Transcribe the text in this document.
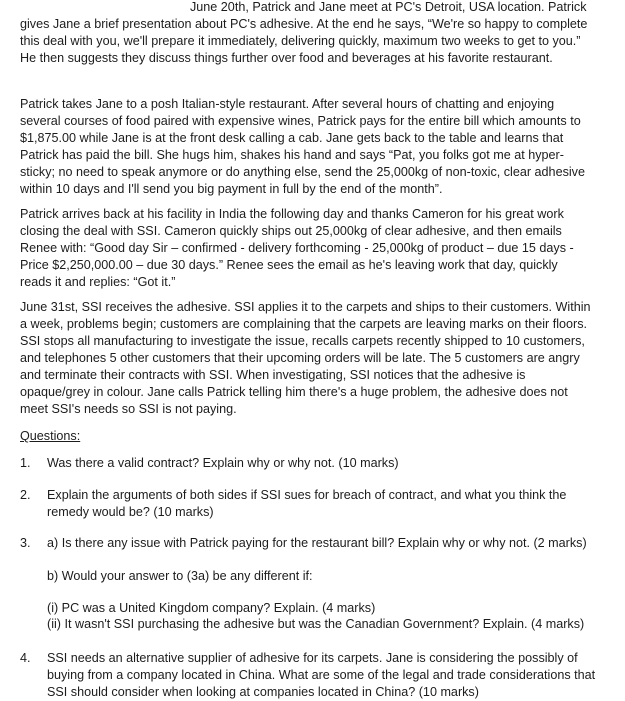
June 20th, Patrick and Jane meet at PC's Detroit, USA location. Patrick gives Jane a brief presentation about PC's adhesive. At the end he says, “We're so happy to complete this deal with you, we'll prepare it immediately, delivering quickly, maximum two weeks to get to you.” He then suggests they discuss things further over food and beverages at his favorite restaurant.

Patrick takes Jane to a posh Italian-style restaurant. After several hours of chatting and enjoying several courses of food paired with expensive wines, Patrick pays for the entire bill which amounts to $1,875.00 while Jane is at the front desk calling a cab. Jane gets back to the table and learns that Patrick has paid the bill. She hugs him, shakes his hand and says “Pat, you folks got me at hyper-sticky; no need to speak anymore or do anything else, send the 25,000kg of non-toxic, clear adhesive within 10 days and I'll send you big payment in full by the end of the month”.

Patrick arrives back at his facility in India the following day and thanks Cameron for his great work closing the deal with SSI. Cameron quickly ships out 25,000kg of clear adhesive, and then emails Renee with: “Good day Sir – confirmed - delivery forthcoming - 25,000kg of product – due 15 days - Price $2,250,000.00 – due 30 days.” Renee sees the email as he's leaving work that day, quickly reads it and replies: “Got it.”

June 31st, SSI receives the adhesive. SSI applies it to the carpets and ships to their customers. Within a week, problems begin; customers are complaining that the carpets are leaving marks on their floors. SSI stops all manufacturing to investigate the issue, recalls carpets recently shipped to 10 customers, and telephones 5 other customers that their upcoming orders will be late. The 5 customers are angry and terminate their contracts with SSI. When investigating, SSI notices that the adhesive is opaque/grey in colour. Jane calls Patrick telling him there's a huge problem, the adhesive does not meet SSI's needs so SSI is not paying.

Questions:

1. Was there a valid contract? Explain why or why not. (10 marks)
2. Explain the arguments of both sides if SSI sues for breach of contract, and what you think the remedy would be? (10 marks)
3. a) Is there any issue with Patrick paying for the restaurant bill? Explain why or why not. (2 marks)
b) Would your answer to (3a) be any different if:
(i) PC was a United Kingdom company? Explain. (4 marks)
(ii) It wasn't SSI purchasing the adhesive but was the Canadian Government? Explain. (4 marks)
4. SSI needs an alternative supplier of adhesive for its carpets. Jane is considering the possibly of buying from a company located in China. What are some of the legal and trade considerations that SSI should consider when looking at companies located in China? (10 marks)
